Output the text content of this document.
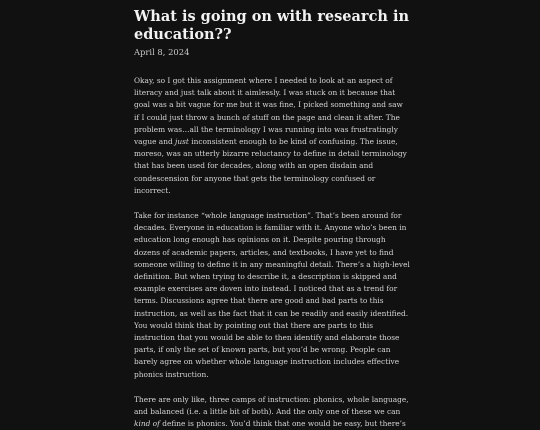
What is going on with research in education??

April 8, 2024

Okay, so I got this assignment where I needed to look at an aspect of literacy and just talk about it aimlessly. I was stuck on it because that goal was a bit vague for me but it was fine, I picked something and saw if I could just throw a bunch of stuff on the page and clean it after. The problem was…all the terminology I was running into was frustratingly vague and just inconsistent enough to be kind of confusing. The issue, moreso, was an utterly bizarre reluctancy to define in detail terminology that has been used for decades, along with an open disdain and condescension for anyone that gets the terminology confused or incorrect.

Take for instance “whole language instruction”. That’s been around for decades. Everyone in education is familiar with it. Anyone who’s been in education long enough has opinions on it. Despite pouring through dozens of academic papers, articles, and textbooks, I have yet to find someone willing to define it in any meaningful detail. There’s a high-level definition. But when trying to describe it, a description is skipped and example exercises are doven into instead. I noticed that as a trend for terms. Discussions agree that there are good and bad parts to this instruction, as well as the fact that it can be readily and easily identified. You would think that by pointing out that there are parts to this instruction that you would be able to then identify and elaborate those parts, if only the set of known parts, but you’d be wrong. People can barely agree on whether whole language instruction includes effective phonics instruction.

There are only like, three camps of instruction: phonics, whole language, and balanced (i.e. a little bit of both). And the only one of these we can kind of define is phonics. You’d think that one would be easy, but there’s
